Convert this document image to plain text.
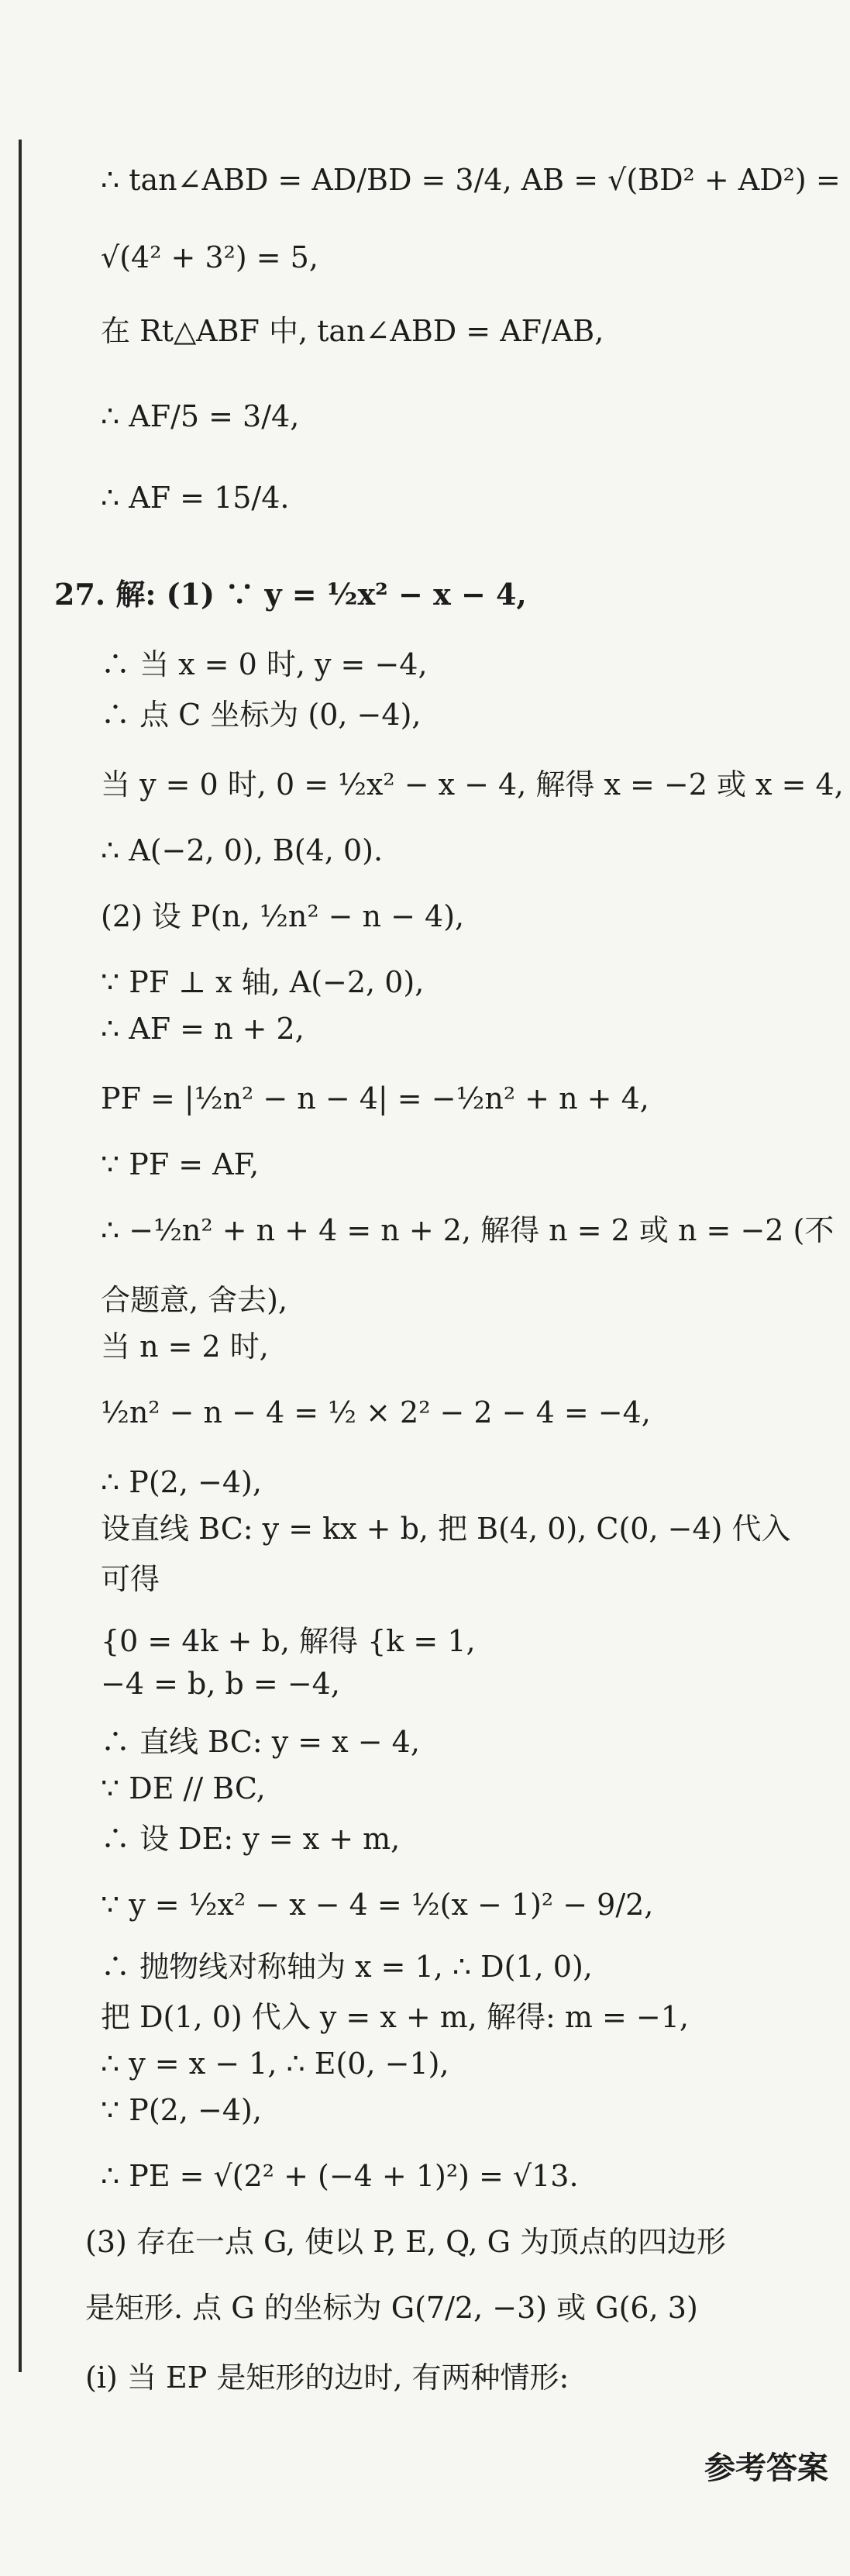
∴ tan∠ABD = AD/BD = 3/4, AB = √(BD² + AD²) =
√(4² + 3²) = 5,
在 Rt△ABF 中, tan∠ABD = AF/AB,
∴ AF/5 = 3/4,
∴ AF = 15/4.
27. 解: (1) ∵ y = ½x² − x − 4,
∴ 当 x = 0 时, y = −4,
∴ 点 C 坐标为 (0, −4),
当 y = 0 时, 0 = ½x² − x − 4, 解得 x = −2 或 x = 4,
∴ A(−2, 0), B(4, 0).
(2) 设 P(n, ½n² − n − 4),
∵ PF ⊥ x 轴, A(−2, 0),
∴ AF = n + 2,
PF = |½n² − n − 4| = −½n² + n + 4,
∵ PF = AF,
∴ −½n² + n + 4 = n + 2, 解得 n = 2 或 n = −2 (不
合题意, 舍去),
当 n = 2 时,
½n² − n − 4 = ½ × 2² − 2 − 4 = −4,
∴ P(2, −4),
设直线 BC: y = kx + b, 把 B(4, 0), C(0, −4) 代入
可得
{0 = 4k + b, 解得 {k = 1,
−4 = b, b = −4,
∴ 直线 BC: y = x − 4,
∵ DE // BC,
∴ 设 DE: y = x + m,
∵ y = ½x² − x − 4 = ½(x − 1)² − 9/2,
∴ 抛物线对称轴为 x = 1, ∴ D(1, 0),
把 D(1, 0) 代入 y = x + m, 解得: m = −1,
∴ y = x − 1, ∴ E(0, −1),
∵ P(2, −4),
∴ PE = √(2² + (−4 + 1)²) = √13.
(3) 存在一点 G, 使以 P, E, Q, G 为顶点的四边形
是矩形. 点 G 的坐标为 G(7/2, −3) 或 G(6, 3)
(i) 当 EP 是矩形的边时, 有两种情形:
参考答案
